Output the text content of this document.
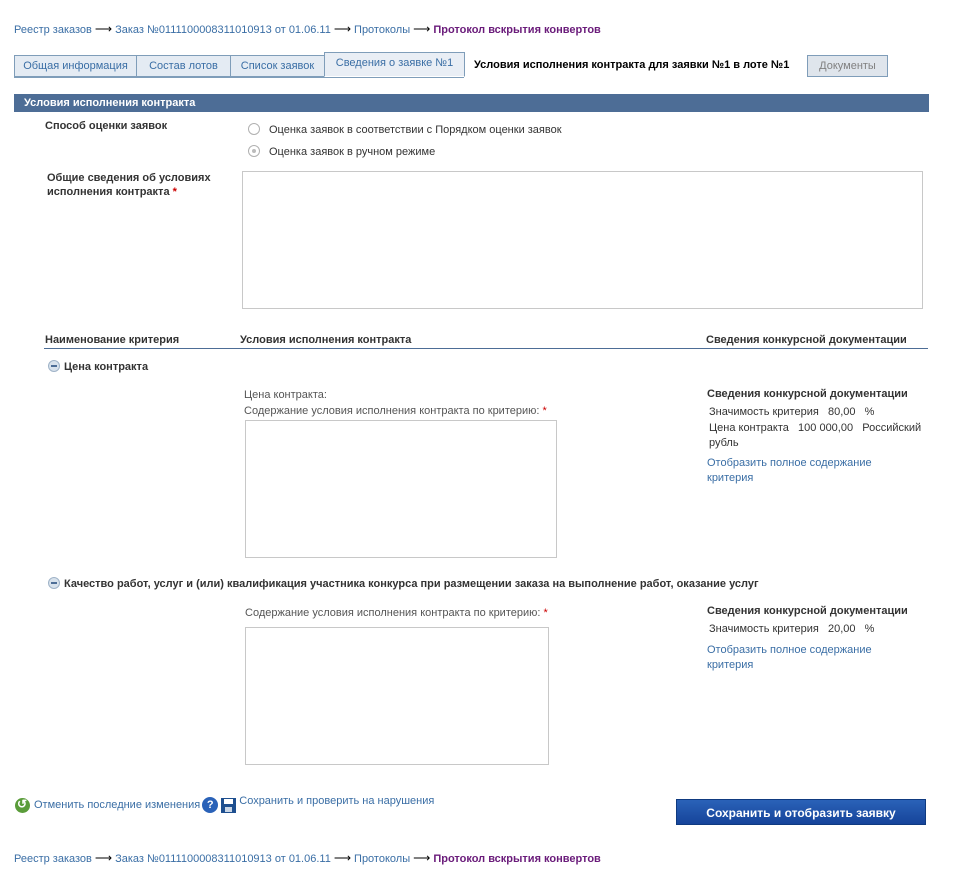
Реестр заказов ⟶ Заказ №0111100008311010913 от 01.06.11 ⟶ Протоколы ⟶ Протокол вскрытия конвертов
Общая информация	Состав лотов	Список заявок	Сведения о заявке №1	Условия исполнения контракта для заявки №1 в лоте №1	Документы
Условия исполнения контракта
Способ оценки заявок	Оценка заявок в соответствии с Порядком оценки заявок
Оценка заявок в ручном режиме
Общие сведения об условиях исполнения контракта *
Наименование критерия	Условия исполнения контракта	Сведения конкурсной документации
Цена контракта
Цена контракта:
Содержание условия исполнения контракта по критерию: *
Сведения конкурсной документации
Значимость критерия   80,00   %
Цена контракта   100 000,00   Российский рубль
Отобразить полное содержание критерия
Качество работ, услуг и (или) квалификация участника конкурса при размещении заказа на выполнение работ, оказание услуг
Содержание условия исполнения контракта по критерию: *	Сведения конкурсной документации
Значимость критерия   20,00   %
Отобразить полное содержание критерия
↺Отменить последние изменения ? Сохранить и проверить на нарушения
Сохранить и отобразить заявку
Реестр заказов ⟶ Заказ №0111100008311010913 от 01.06.11 ⟶ Протоколы ⟶ Протокол вскрытия конвертов
